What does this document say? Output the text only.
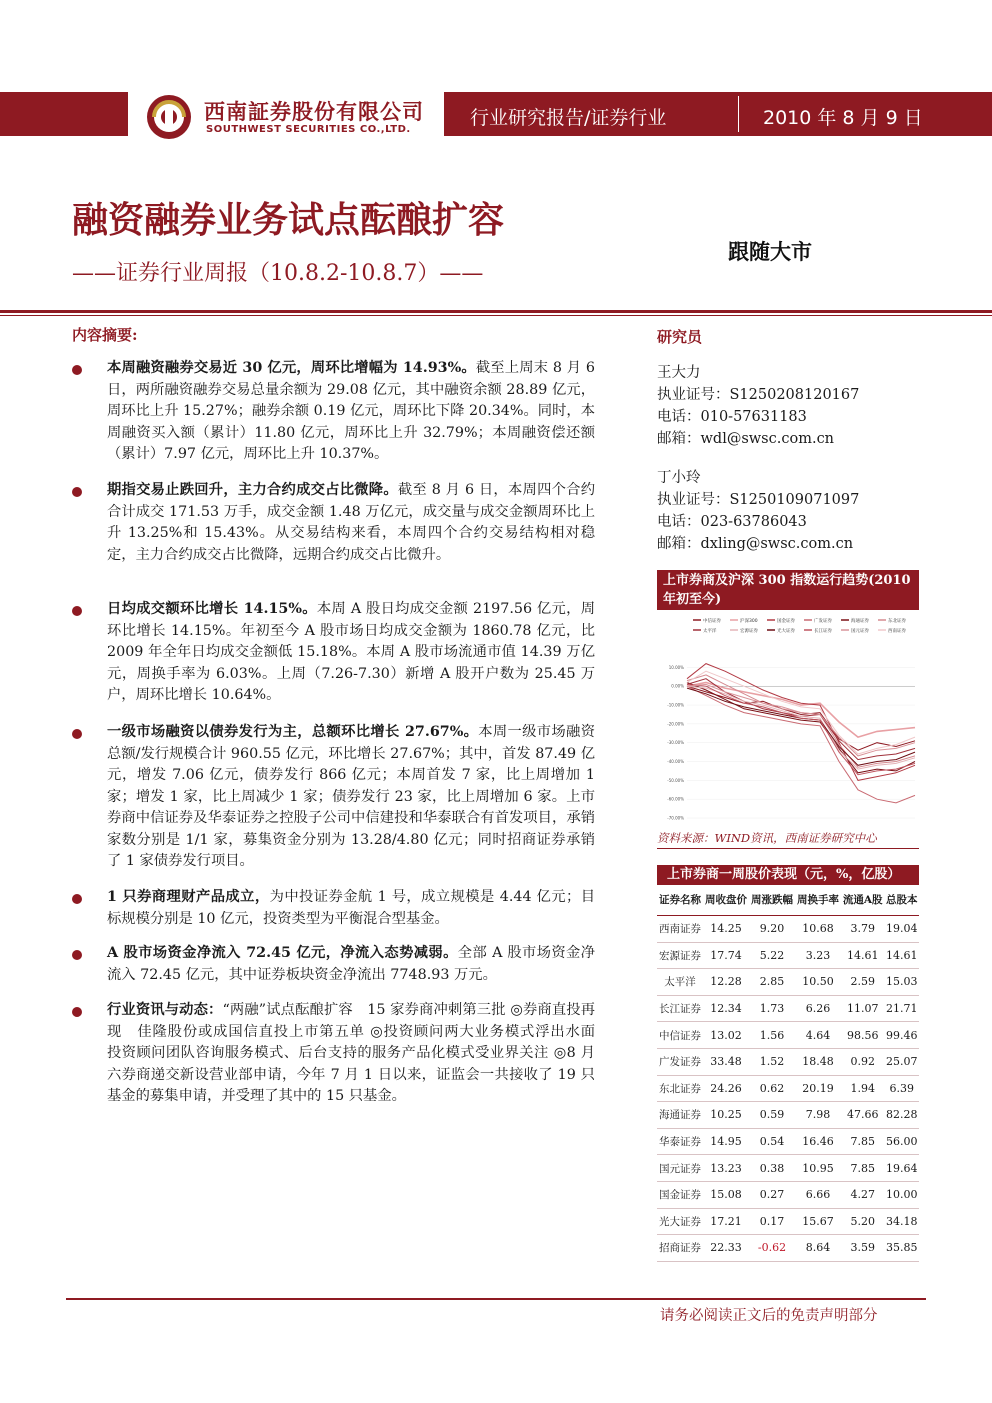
西南証券股份有限公司
SOUTHWEST SECURITIES CO.,LTD.
行业研究报告/证券行业	2010 年 8 月 9 日
融资融券业务试点酝酿扩容
——证券行业周报（10.8.2-10.8.7）——
跟随大市
内容摘要:
本周融资融券交易近 30 亿元，周环比增幅为 14.93%。截至上周末 8 月 6 日，两所融资融券交易总量余额为 29.08 亿元，其中融资余额 28.89 亿元，周环比上升 15.27%；融券余额 0.19 亿元，周环比下降 20.34%。同时，本周融资买入额（累计）11.80 亿元，周环比上升 32.79%；本周融资偿还额（累计）7.97 亿元，周环比上升 10.37%。
期指交易止跌回升，主力合约成交占比微降。截至 8 月 6 日，本周四个合约合计成交 171.53 万手，成交金额 1.48 万亿元，成交量与成交金额周环比上升 13.25%和 15.43%。从交易结构来看，本周四个合约交易结构相对稳定，主力合约成交占比微降，远期合约成交占比微升。
日均成交额环比增长 14.15%。本周 A 股日均成交金额 2197.56 亿元，周环比增长 14.15%。年初至今 A 股市场日均成交金额为 1860.78 亿元，比 2009 年全年日均成交金额低 15.18%。本周 A 股市场流通市值 14.39 万亿元，周换手率为 6.03%。上周（7.26-7.30）新增 A 股开户数为 25.45 万户，周环比增长 10.64%。
一级市场融资以债券发行为主，总额环比增长 27.67%。本周一级市场融资总额/发行规模合计 960.55 亿元，环比增长 27.67%；其中，首发 87.49 亿元，增发 7.06 亿元，债券发行 866 亿元；本周首发 7 家，比上周增加 1 家；增发 1 家，比上周减少 1 家；债券发行 23 家，比上周增加 6 家。上市券商中信证券及华泰证券之控股子公司中信建投和华泰联合有首发项目，承销家数分别是 1/1 家，募集资金分别为 13.28/4.80 亿元；同时招商证券承销了 1 家债券发行项目。
1 只券商理财产品成立，为中投证券金航 1 号，成立规模是 4.44 亿元；目标规模分别是 10 亿元，投资类型为平衡混合型基金。
A 股市场资金净流入 72.45 亿元，净流入态势减弱。全部 A 股市场资金净流入 72.45 亿元，其中证券板块资金净流出 7748.93 万元。
行业资讯与动态：“两融”试点酝酿扩容　15 家券商冲刺第三批 ◎券商直投再现　佳隆股份或成国信直投上市第五单 ◎投资顾问两大业务模式浮出水面　投资顾问团队咨询服务模式、后台支持的服务产品化模式受业界关注 ◎8 月六券商递交新设营业部申请，今年 7 月 1 日以来，证监会一共接收了 19 只基金的募集申请，并受理了其中的 15 只基金。
研究员
王大力
执业证号：S1250208120167
电话：010-57631183
邮箱：wdl@swsc.com.cn
丁小玲
执业证号：S1250109071097
电话：023-63786043
邮箱：dxling@swsc.com.cn
上市券商及沪深 300 指数运行趋势(2010 年初至今)
中信证券	沪深300	国金证券	广发证券	海通证券	东北证券
太平洋	宏源证券	光大证券	长江证券	国元证券	西南证券
10.00%
0.00%
-10.00%
-20.00%
-30.00%
-40.00%
-50.00%
-60.00%
-70.00%
资料来源：WIND资讯，西南证券研究中心
上市券商一周股价表现（元，%，亿股）
证券名称	周收盘价	周涨跌幅	周换手率	流通A股	总股本
西南证券	14.25	9.20	10.68	3.79	19.04
宏源证券	17.74	5.22	3.23	14.61	14.61
太平洋	12.28	2.85	10.50	2.59	15.03
长江证券	12.34	1.73	6.26	11.07	21.71
中信证券	13.02	1.56	4.64	98.56	99.46
广发证券	33.48	1.52	18.48	0.92	25.07
东北证券	24.26	0.62	20.19	1.94	6.39
海通证券	10.25	0.59	7.98	47.66	82.28
华泰证券	14.95	0.54	16.46	7.85	56.00
国元证券	13.23	0.38	10.95	7.85	19.64
国金证券	15.08	0.27	6.66	4.27	10.00
光大证券	17.21	0.17	15.67	5.20	34.18
招商证券	22.33	-0.62	8.64	3.59	35.85
请务必阅读正文后的免责声明部分
